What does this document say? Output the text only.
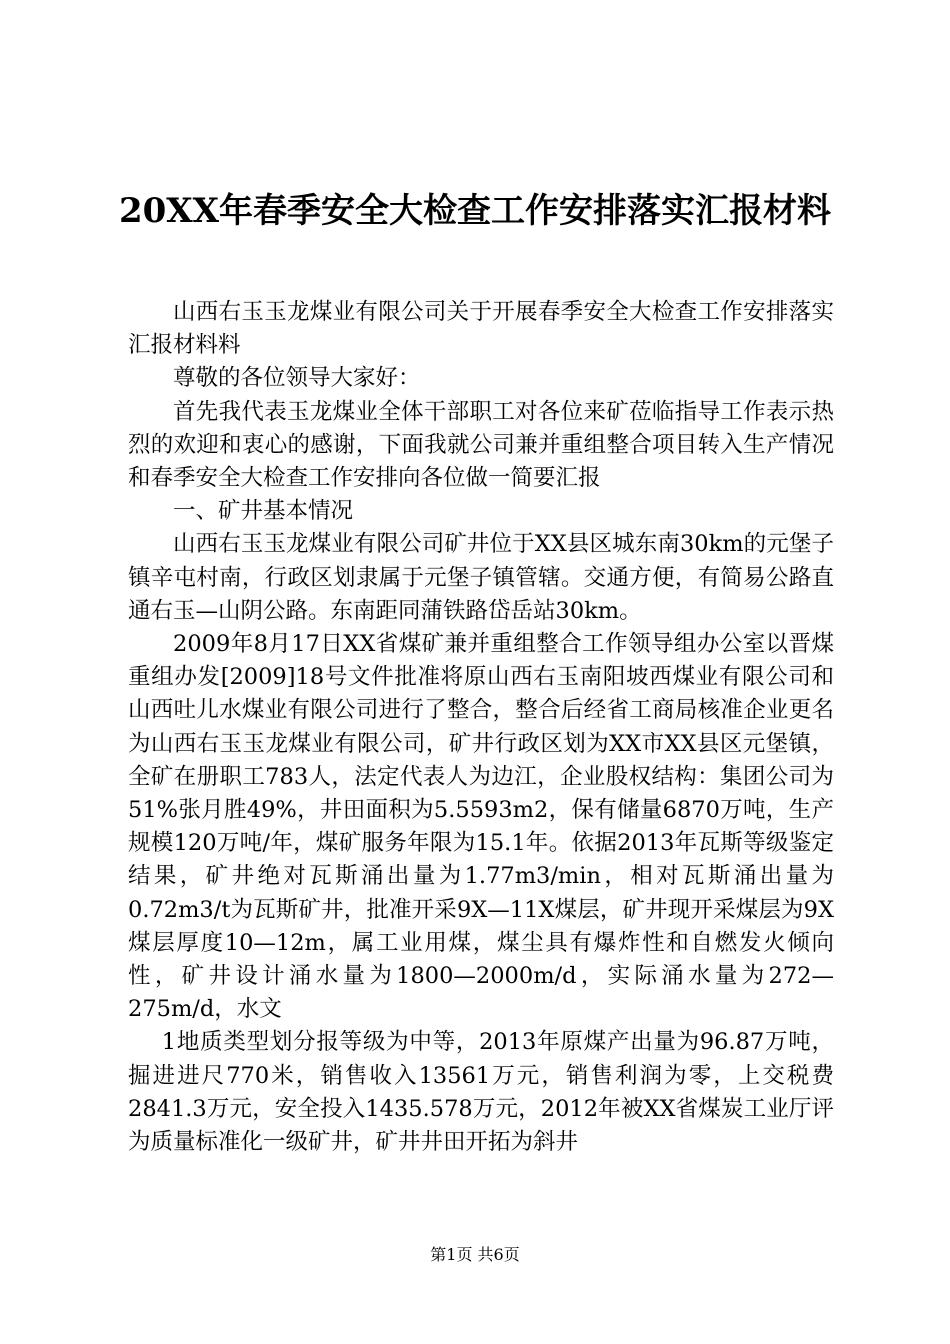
20XX年春季安全大检查工作安排落实汇报材料

山西右玉玉龙煤业有限公司关于开展春季安全大检查工作安排落实汇报材料料

尊敬的各位领导大家好：

首先我代表玉龙煤业全体干部职工对各位来矿莅临指导工作表示热烈的欢迎和衷心的感谢，下面我就公司兼并重组整合项目转入生产情况和春季安全大检查工作安排向各位做一简要汇报

一、矿井基本情况

山西右玉玉龙煤业有限公司矿井位于XX县区城东南30km的元堡子镇辛屯村南，行政区划隶属于元堡子镇管辖。交通方便，有简易公路直通右玉—山阴公路。东南距同蒲铁路岱岳站30km。

2009年8月17日XX省煤矿兼并重组整合工作领导组办公室以晋煤重组办发[2009]18号文件批准将原山西右玉南阳坡西煤业有限公司和山西吐儿水煤业有限公司进行了整合，整合后经省工商局核准企业更名为山西右玉玉龙煤业有限公司，矿井行政区划为XX市XX县区元堡镇，全矿在册职工783人，法定代表人为边江，企业股权结构：集团公司为51%张月胜49%，井田面积为5.5593m2，保有储量6870万吨，生产规模120万吨/年，煤矿服务年限为15.1年。依据2013年瓦斯等级鉴定结果，矿井绝对瓦斯涌出量为1.77m3/min，相对瓦斯涌出量为0.72m3/t为瓦斯矿井，批准开采9X—11X煤层，矿井现开采煤层为9X煤层厚度10—12m，属工业用煤，煤尘具有爆炸性和自燃发火倾向性，矿井设计涌水量为1800—2000m/d，实际涌水量为272—275m/d，水文

1地质类型划分报等级为中等，2013年原煤产出量为96.87万吨，掘进进尺770米，销售收入13561万元，销售利润为零，上交税费2841.3万元，安全投入1435.578万元，2012年被XX省煤炭工业厅评为质量标准化一级矿井，矿井井田开拓为斜井

第1页 共6页
